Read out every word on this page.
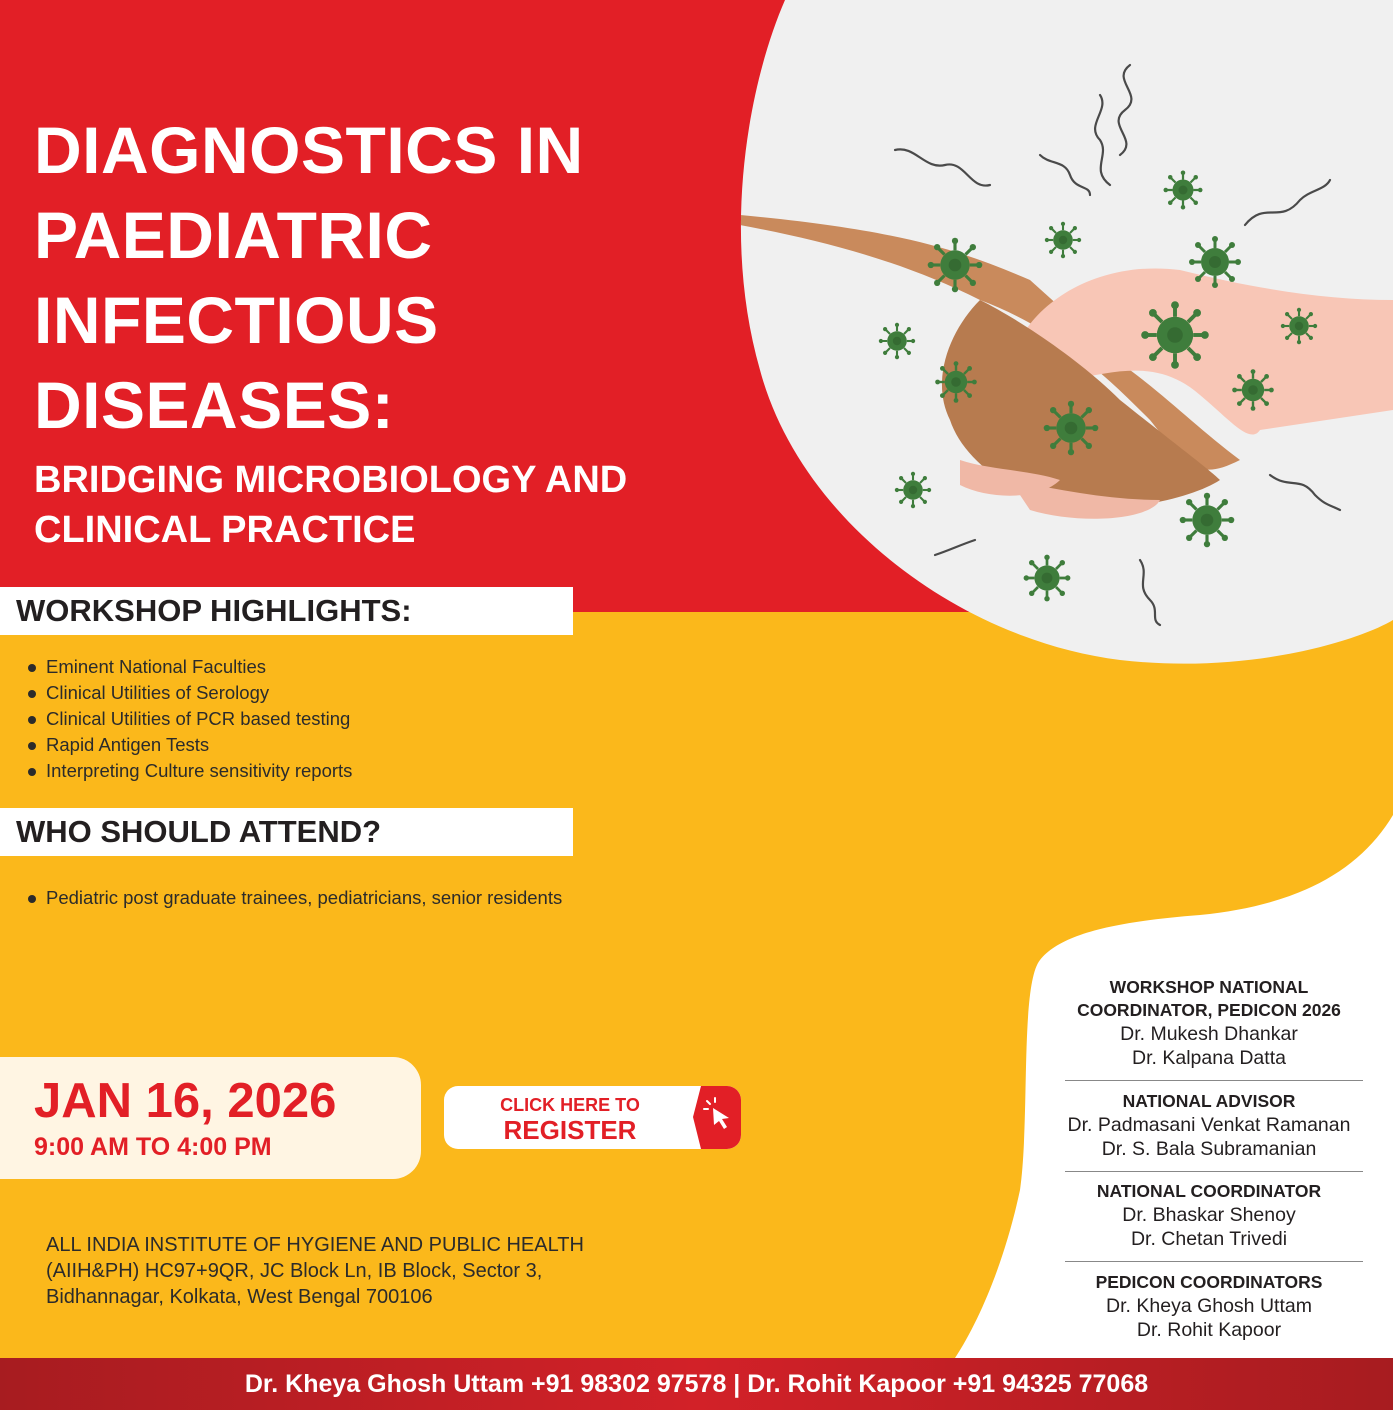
DIAGNOSTICS IN
PAEDIATRIC
INFECTIOUS
DISEASES:
BRIDGING MICROBIOLOGY AND
CLINICAL PRACTICE
WORKSHOP HIGHLIGHTS:
Eminent National Faculties
Clinical Utilities of Serology
Clinical Utilities of PCR based testing
Rapid Antigen Tests
Interpreting Culture sensitivity reports
WHO SHOULD ATTEND?
Pediatric post graduate trainees, pediatricians, senior residents
JAN 16, 2026
9:00 AM TO 4:00 PM
CLICK HERE TO
REGISTER
ALL INDIA INSTITUTE OF HYGIENE AND PUBLIC HEALTH
(AIIH&PH) HC97+9QR, JC Block Ln, IB Block, Sector 3,
Bidhannagar, Kolkata, West Bengal 700106
WORKSHOP NATIONAL
COORDINATOR, PEDICON 2026
Dr. Mukesh Dhankar
Dr. Kalpana Datta
NATIONAL ADVISOR
Dr. Padmasani Venkat Ramanan
Dr. S. Bala Subramanian
NATIONAL COORDINATOR
Dr. Bhaskar Shenoy
Dr. Chetan Trivedi
PEDICON COORDINATORS
Dr. Kheya Ghosh Uttam
Dr. Rohit Kapoor
Dr. Kheya Ghosh Uttam +91 98302 97578 | Dr. Rohit Kapoor +91 94325 77068
